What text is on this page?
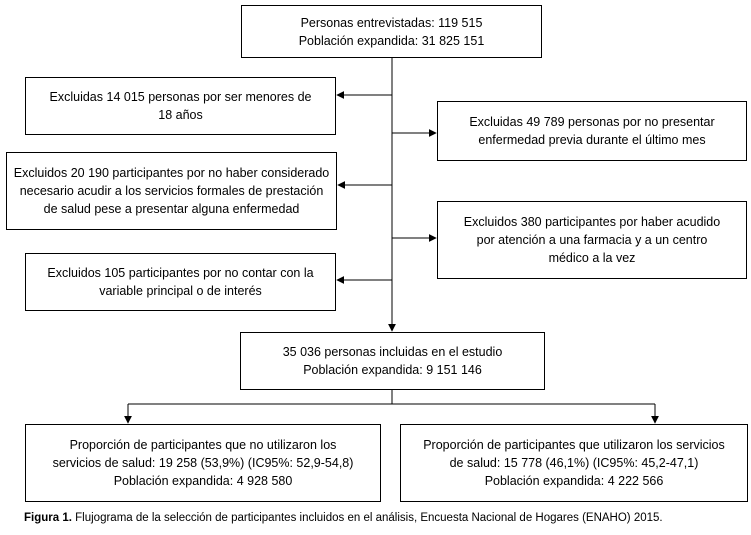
Personas entrevistadas: 119 515
Población expandida: 31 825 151
Excluidas 14 015 personas por ser menores de
18 años	Excluidas 49 789 personas por no presentar
enfermedad previa durante el último mes
Excluidos 20 190 participantes por no haber considerado
necesario acudir a los servicios formales de prestación
de salud pese a presentar alguna enfermedad
Excluidos 380 participantes por haber acudido
por atención a una farmacia y a un centro
médico a la vez
Excluidos 105 participantes por no contar con la
variable principal o de interés
35 036 personas incluidas en el estudio
Población expandida: 9 151 146
Proporción de participantes que no utilizaron los
servicios de salud: 19 258 (53,9%) (IC95%: 52,9-54,8)
Población expandida: 4 928 580
Proporción de participantes que utilizaron los servicios
de salud: 15 778 (46,1%) (IC95%: 45,2-47,1)
Población expandida: 4 222 566
Figura 1. Flujograma de la selección de participantes incluidos en el análisis, Encuesta Nacional de Hogares (ENAHO) 2015.
